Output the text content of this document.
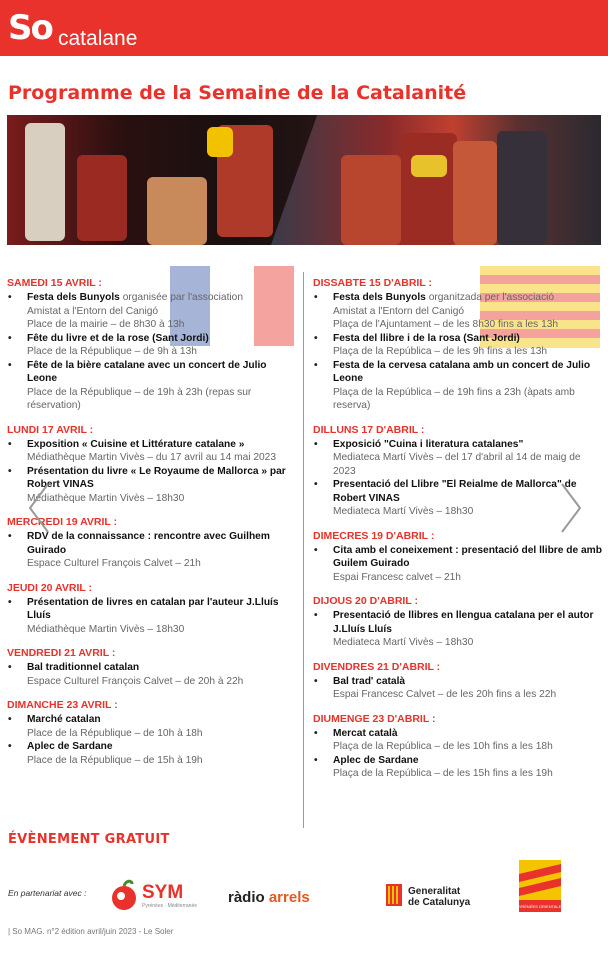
So catalane
Programme de la Semaine de la Catalanité
SAMEDI 15 AVRIL :
• Festa dels Bunyols organisée par l'association
Amistat a l'Entorn del Canigó
Place de la mairie – de 8h30 à 13h
• Fête du livre et de la rose (Sant Jordi)
Place de la République – de 9h à 13h
• Fête de la bière catalane avec un concert de Julio Leone
Place de la République – de 19h à 23h (repas sur réservation)
LUNDI 17 AVRIL :
• Exposition « Cuisine et Littérature catalane »
Médiathèque Martin Vivès – du 17 avril au 14 mai 2023
• Présentation du livre « Le Royaume de Mallorca » par Robert VINAS
Médiathèque Martin Vivès – 18h30
MERCREDI 19 AVRIL :
• RDV de la connaissance : rencontre avec Guilhem Guirado
Espace Culturel François Calvet – 21h
JEUDI 20 AVRIL :
• Présentation de livres en catalan par l'auteur J.Lluís Lluís
Médiathèque Martin Vivès – 18h30
VENDREDI 21 AVRIL :
• Bal traditionnel catalan
Espace Culturel François Calvet – de 20h à 22h
DIMANCHE 23 AVRIL :
• Marché catalan
Place de la République – de 10h à 18h
• Aplec de Sardane
Place de la République – de 15h à 19h
DISSABTE 15 D'ABRIL :
• Festa dels Bunyols organitzada per l'associació
Amistat a l'Entorn del Canigó
Plaça de l'Ajuntament – de les 8h30 fins a les 13h
• Festa del llibre i de la rosa (Sant Jordi)
Plaça de la República – de les 9h fins a les 13h
• Festa de la cervesa catalana amb un concert de Julio Leone
Plaça de la República – de 19h fins a 23h (àpats amb reserva)
DILLUNS 17 D'ABRIL :
• Exposició "Cuina i literatura catalanes"
Mediateca Martí Vivès – del 17 d'abril al 14 de maig de 2023
• Presentació del Llibre "El Reialme de Mallorca" de Robert VINAS
Mediateca Martí Vivès – 18h30
DIMECRES 19 D'ABRIL :
• Cita amb el coneixement : presentació del llibre de amb Guilem Guirado
Espai Francesc calvet – 21h
DIJOUS 20 D'ABRIL :
• Presentació de llibres en llengua catalana per el autor J.Lluís Lluís
Mediateca Martí Vivès – 18h30
DIVENDRES 21 D'ABRIL :
• Bal trad' català
Espai Francesc Calvet – de les 20h fins a les 22h
DIUMENGE 23 D'ABRIL :
• Mercat català
Plaça de la República – de les 10h fins a les 18h
• Aplec de Sardane
Plaça de la República – de les 15h fins a les 19h
ÉVÈNEMENT GRATUIT
En partenariat avec :	SYM
Pyrénées · Méditerranée	ràdio arrels	Generalitat
de Catalunya	PYRÉNÉES ORIENTALES
| So MAG. n°2 édition avril/juin 2023 - Le Soler
